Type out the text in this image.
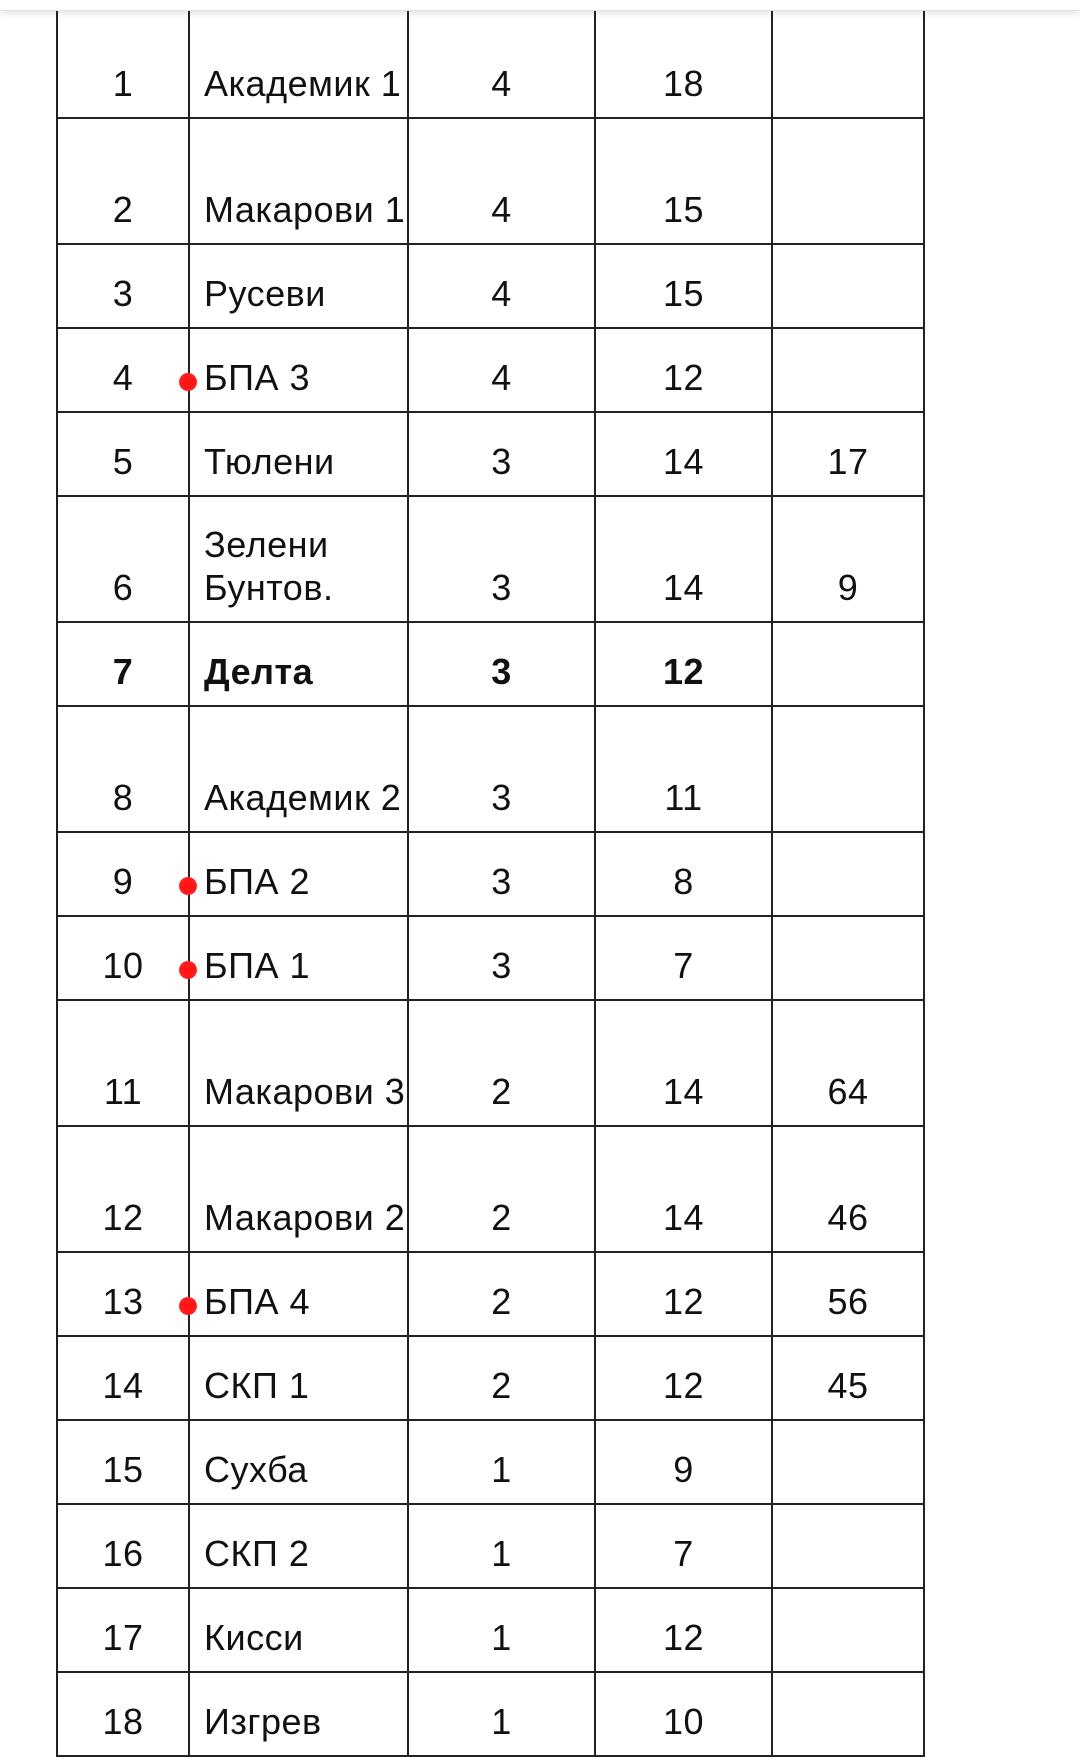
1	Академик 1	4	18	
2	Макарови 1	4	15	
3	Русеви	4	15	
4	БПА 3	4	12	
5	Тюлени	3	14	17
6	Зелени Бунтов.	3	14	9
7	Делта	3	12	
8	Академик 2	3	11	
9	БПА 2	3	8	
10	БПА 1	3	7	
11	Макарови 3	2	14	64
12	Макарови 2	2	14	46
13	БПА 4	2	12	56
14	СКП 1	2	12	45
15	Сухба	1	9	
16	СКП 2	1	7	
17	Кисси	1	12	
18	Изгрев	1	10	
